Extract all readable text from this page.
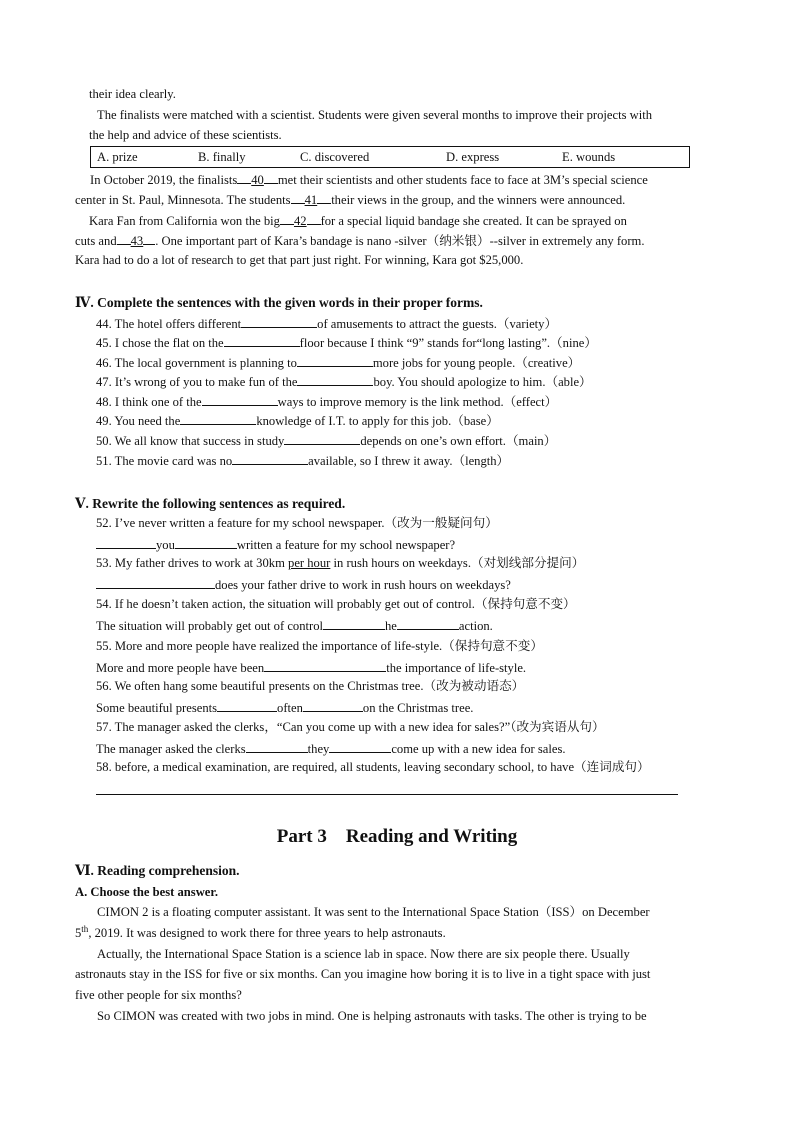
their idea clearly.
The finalists were matched with a scientist. Students were given several months to improve their projects with
the help and advice of these scientists.
A. prize	B. finally	C. discovered	D. express	E. wounds
In October 2019, the finalists 40 met their scientists and other students face to face at 3M’s special science
center in St. Paul, Minnesota. The students 41 their views in the group, and the winners were announced.
Kara Fan from California won the big 42 for a special liquid bandage she created. It can be sprayed on
cuts and 43 . One important part of Kara’s bandage is nano -silver（纳米银）--silver in extremely any form.
Kara had to do a lot of research to get that part just right. For winning, Kara got $25,000.
Ⅳ. Complete the sentences with the given words in their proper forms.
44. The hotel offers different	of amusements to attract the guests.（variety）
45. I chose the flat on the	floor because I think “9” stands for“long lasting”.（nine）
46. The local government is planning to	more jobs for young people.（creative）
47. It’s wrong of you to make fun of the	boy. You should apologize to him.（able）
48. I think one of the	ways to improve memory is the link method.（effect）
49. You need the	knowledge of I.T. to apply for this job.（base）
50. We all know that success in study	depends on one’s own effort.（main）
51. The movie card was no	available, so I threw it away.（length）
Ⅴ. Rewrite the following sentences as required.
52. I’ve never written a feature for my school newspaper.（改为一般疑问句）
you	written a feature for my school newspaper?
53. My father drives to work at 30km per hour in rush hours on weekdays.（对划线部分提问）
does your father drive to work in rush hours on weekdays?
54. If he doesn’t taken action, the situation will probably get out of control.（保持句意不变）
The situation will probably get out of control	he	action.
55. More and more people have realized the importance of life-style.（保持句意不变）
More and more people have been	the importance of life-style.
56. We often hang some beautiful presents on the Christmas tree.（改为被动语态）
Some beautiful presents	often	on the Christmas tree.
57. The manager asked the clerks，“Can you come up with a new idea for sales?”（改为宾语从句）
The manager asked the clerks	they	come up with a new idea for sales.
58. before, a medical examination, are required, all students, leaving secondary school, to have（连词成句）
Part 3    Reading and Writing
Ⅵ. Reading comprehension.
A. Choose the best answer.
CIMON 2 is a floating computer assistant. It was sent to the International Space Station（ISS）on December
5th, 2019. It was designed to work there for three years to help astronauts.
Actually, the International Space Station is a science lab in space. Now there are six people there. Usually
astronauts stay in the ISS for five or six months. Can you imagine how boring it is to live in a tight space with just
five other people for six months?
So CIMON was created with two jobs in mind. One is helping astronauts with tasks. The other is trying to be
